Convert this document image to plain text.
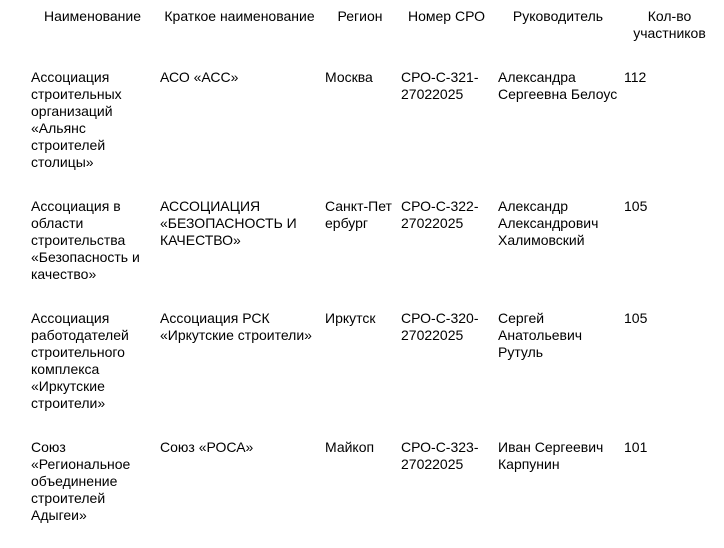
Наименование	Краткое наименование	Регион	Номер СРО	Руководитель	Кол-во участников
Ассоциация строительных организаций «Альянс строителей столицы»	АСО «АСС»	Москва	СРО-С-321-27022025	Александра Сергеевна Белоус	112
Ассоциация в области строительства «Безопасность и качество»	АССОЦИАЦИЯ «БЕЗОПАСНОСТЬ И КАЧЕСТВО»	Санкт-Петербург	СРО-С-322-27022025	Александр Александрович Халимовский	105
Ассоциация работодателей строительного комплекса «Иркутские строители»	Ассоциация РСК «Иркутские строители»	Иркутск	СРО-С-320-27022025	Сергей Анатольевич Рутуль	105
Союз «Региональное объединение строителей Адыгеи»	Союз «РОСА»	Майкоп	СРО-С-323-27022025	Иван Сергеевич Карпунин	101
